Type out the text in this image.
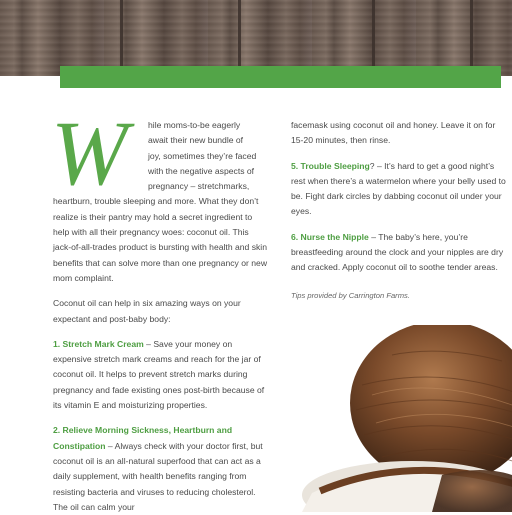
W hile moms-to-be eagerly
await their new bundle of
joy, sometimes they’re faced
with the negative aspects of
pregnancy – stretchmarks,

heartburn, trouble sleeping and more. What they don’t realize is their pantry may hold a secret ingredient to help with all their pregnancy woes: coconut oil. This jack-of-all-trades product is bursting with health and skin benefits that can solve more than one pregnancy or new mom complaint.

Coconut oil can help in six amazing ways on your expectant and post-baby body:

1. Stretch Mark Cream – Save your money on expensive stretch mark creams and reach for the jar of coconut oil. It helps to prevent stretch marks during pregnancy and fade existing ones post-birth because of its vitamin E and moisturizing properties.

2. Relieve Morning Sickness, Heartburn and Constipation – Always check with your doctor first, but coconut oil is an all-natural superfood that can act as a daily supplement, with health benefits ranging from resisting bacteria and viruses to reducing cholesterol. The oil can calm your

facemask using coconut oil and honey. Leave it on for 15-20 minutes, then rinse.

5. Trouble Sleeping? – It’s hard to get a good night’s rest when there’s a watermelon where your belly used to be. Fight dark circles by dabbing coconut oil under your eyes.

6. Nurse the Nipple – The baby’s here, you’re breastfeeding around the clock and your nipples are dry and cracked. Apply coconut oil to soothe tender areas.

Tips provided by Carrington Farms.
